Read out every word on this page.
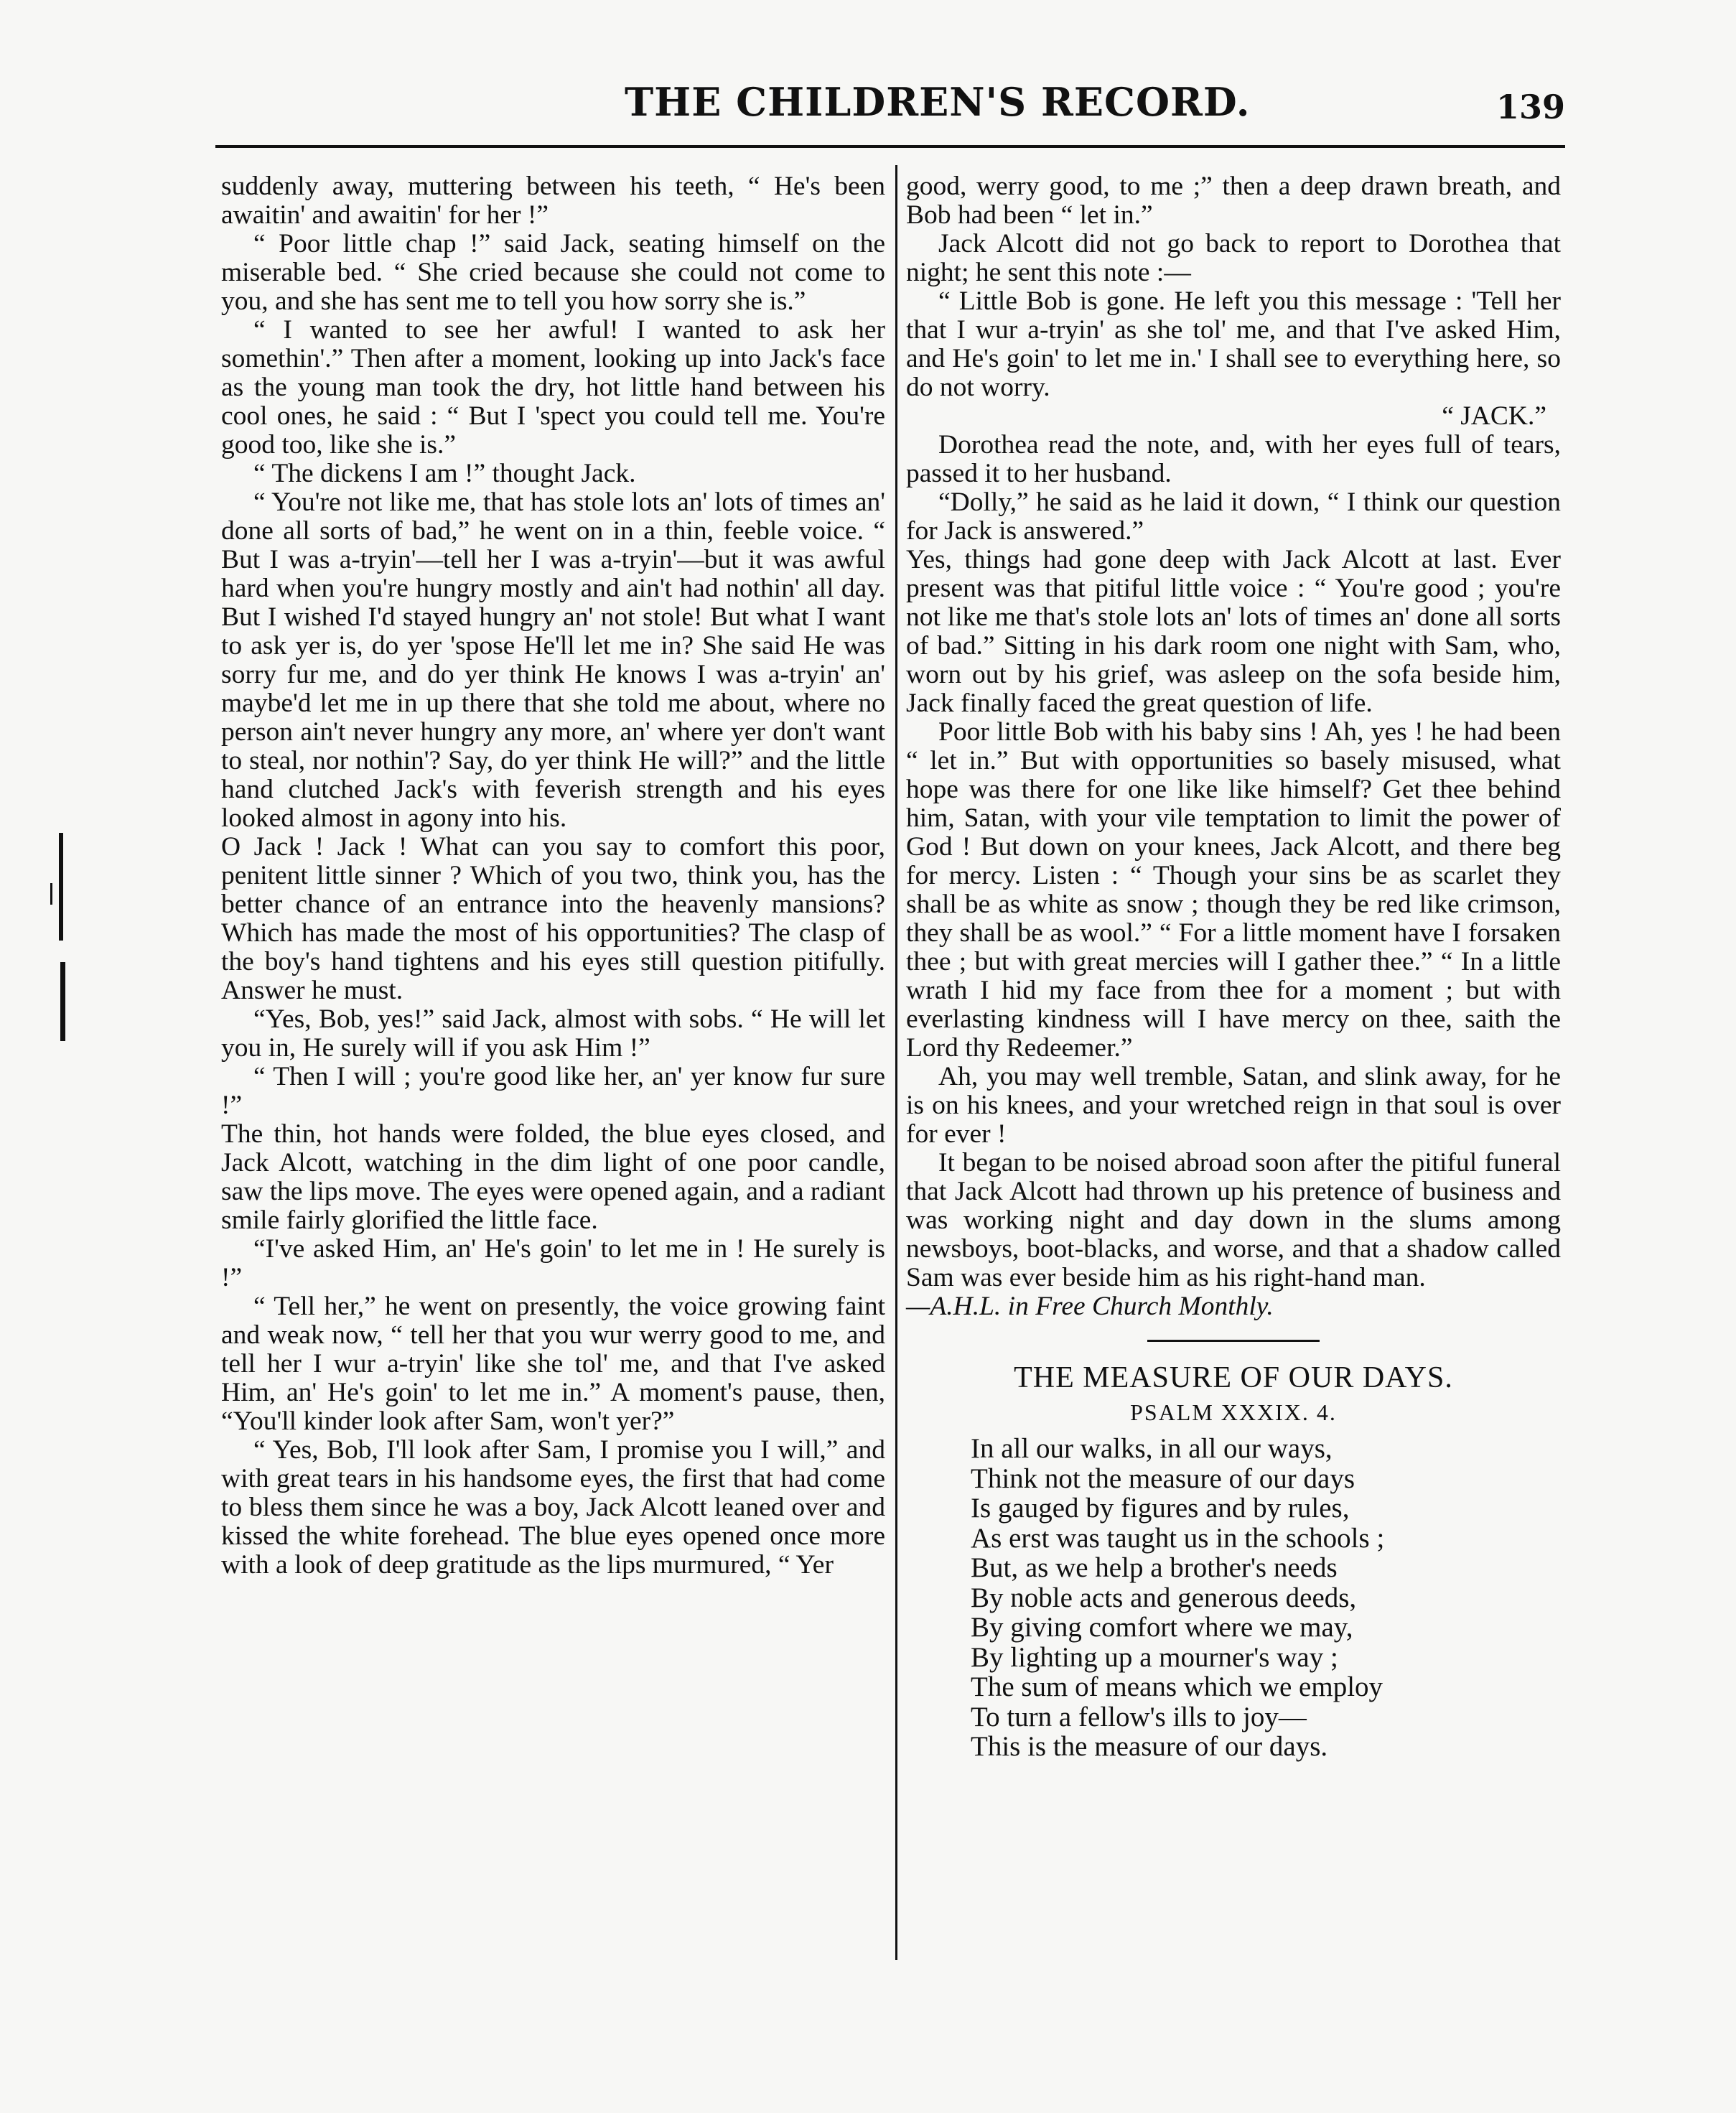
THE CHILDREN'S RECORD.	139

suddenly away, muttering between his teeth, “ He's been awaitin' and awaitin' for her !”

“ Poor little chap !” said Jack, seating himself on the miserable bed. “ She cried because she could not come to you, and she has sent me to tell you how sorry she is.”

“ I wanted to see her awful! I wanted to ask her somethin'.” Then after a moment, looking up into Jack's face as the young man took the dry, hot little hand between his cool ones, he said : “ But I 'spect you could tell me. You're good too, like she is.”

“ The dickens I am !” thought Jack.

“ You're not like me, that has stole lots an' lots of times an' done all sorts of bad,” he went on in a thin, feeble voice. “ But I was a-tryin'—tell her I was a-tryin'—but it was awful hard when you're hungry mostly and ain't had nothin' all day. But I wished I'd stayed hungry an' not stole! But what I want to ask yer is, do yer 'spose He'll let me in? She said He was sorry fur me, and do yer think He knows I was a-tryin' an' maybe'd let me in up there that she told me about, where no person ain't never hungry any more, an' where yer don't want to steal, nor nothin'? Say, do yer think He will?” and the little hand clutched Jack's with feverish strength and his eyes looked almost in agony into his.

O Jack ! Jack ! What can you say to comfort this poor, penitent little sinner ? Which of you two, think you, has the better chance of an entrance into the heavenly mansions? Which has made the most of his opportunities? The clasp of the boy's hand tightens and his eyes still question pitifully. Answer he must.

“Yes, Bob, yes!” said Jack, almost with sobs. “ He will let you in, He surely will if you ask Him !”

“ Then I will ; you're good like her, an' yer know fur sure !”

The thin, hot hands were folded, the blue eyes closed, and Jack Alcott, watching in the dim light of one poor candle, saw the lips move. The eyes were opened again, and a radiant smile fairly glorified the little face.

“I've asked Him, an' He's goin' to let me in ! He surely is !”

“ Tell her,” he went on presently, the voice growing faint and weak now, “ tell her that you wur werry good to me, and tell her I wur a-tryin' like she tol' me, and that I've asked Him, an' He's goin' to let me in.” A moment's pause, then, “You'll kinder look after Sam, won't yer?”

“ Yes, Bob, I'll look after Sam, I promise you I will,” and with great tears in his handsome eyes, the first that had come to bless them since he was a boy, Jack Alcott leaned over and kissed the white forehead. The blue eyes opened once more with a look of deep gratitude as the lips murmured, “ Yer

good, werry good, to me ;” then a deep drawn breath, and Bob had been “ let in.”

Jack Alcott did not go back to report to Dorothea that night; he sent this note :—

“ Little Bob is gone. He left you this message : 'Tell her that I wur a-tryin' as she tol' me, and that I've asked Him, and He's goin' to let me in.' I shall see to everything here, so do not worry.

“ JACK.”

Dorothea read the note, and, with her eyes full of tears, passed it to her husband.

“Dolly,” he said as he laid it down, “ I think our question for Jack is answered.”

Yes, things had gone deep with Jack Alcott at last. Ever present was that pitiful little voice : “ You're good ; you're not like me that's stole lots an' lots of times an' done all sorts of bad.” Sitting in his dark room one night with Sam, who, worn out by his grief, was asleep on the sofa beside him, Jack finally faced the great question of life.

Poor little Bob with his baby sins ! Ah, yes ! he had been “ let in.” But with opportunities so basely misused, what hope was there for one like like himself? Get thee behind him, Satan, with your vile temptation to limit the power of God ! But down on your knees, Jack Alcott, and there beg for mercy. Listen : “ Though your sins be as scarlet they shall be as white as snow ; though they be red like crimson, they shall be as wool.” “ For a little moment have I forsaken thee ; but with great mercies will I gather thee.” “ In a little wrath I hid my face from thee for a moment ; but with everlasting kindness will I have mercy on thee, saith the Lord thy Redeemer.”

Ah, you may well tremble, Satan, and slink away, for he is on his knees, and your wretched reign in that soul is over for ever !

It began to be noised abroad soon after the pitiful funeral that Jack Alcott had thrown up his pretence of business and was working night and day down in the slums among newsboys, boot-blacks, and worse, and that a shadow called Sam was ever beside him as his right-hand man.

—A.H.L. in Free Church Monthly.

THE MEASURE OF OUR DAYS.
PSALM XXXIX. 4.
In all our walks, in all our ways,
Think not the measure of our days
Is gauged by figures and by rules,
As erst was taught us in the schools ;
But, as we help a brother's needs
By noble acts and generous deeds,
By giving comfort where we may,
By lighting up a mourner's way ;
The sum of means which we employ
To turn a fellow's ills to joy—
This is the measure of our days.
